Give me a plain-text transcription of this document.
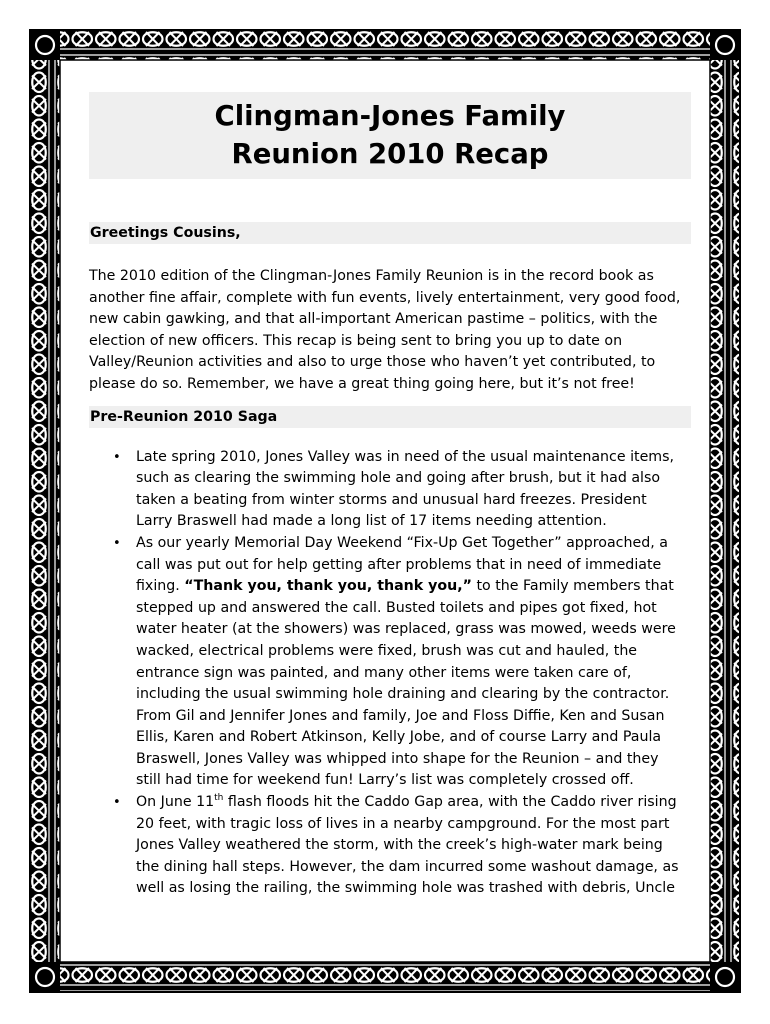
Clingman-Jones Family
Reunion 2010 Recap
Greetings Cousins,

The 2010 edition of the Clingman-Jones Family Reunion is in the record book as another fine affair, complete with fun events, lively entertainment, very good food, new cabin gawking, and that all-important American pastime – politics, with the election of new officers. This recap is being sent to bring you up to date on Valley/Reunion activities and also to urge those who haven’t yet contributed, to please do so. Remember, we have a great thing going here, but it’s not free!

Pre-Reunion 2010 Saga
• Late spring 2010, Jones Valley was in need of the usual maintenance items, such as clearing the swimming hole and going after brush, but it had also taken a beating from winter storms and unusual hard freezes. President Larry Braswell had made a long list of 17 items needing attention.
• As our yearly Memorial Day Weekend “Fix-Up Get Together” approached, a call was put out for help getting after problems that in need of immediate fixing. “Thank you, thank you, thank you,” to the Family members that stepped up and answered the call. Busted toilets and pipes got fixed, hot water heater (at the showers) was replaced, grass was mowed, weeds were wacked, electrical problems were fixed, brush was cut and hauled, the entrance sign was painted, and many other items were taken care of, including the usual swimming hole draining and clearing by the contractor. From Gil and Jennifer Jones and family, Joe and Floss Diffie, Ken and Susan Ellis, Karen and Robert Atkinson, Kelly Jobe, and of course Larry and Paula Braswell, Jones Valley was whipped into shape for the Reunion – and they still had time for weekend fun! Larry’s list was completely crossed off.
• On June 11th flash floods hit the Caddo Gap area, with the Caddo river rising 20 feet, with tragic loss of lives in a nearby campground. For the most part Jones Valley weathered the storm, with the creek’s high-water mark being the dining hall steps. However, the dam incurred some washout damage, as well as losing the railing, the swimming hole was trashed with debris, Uncle
